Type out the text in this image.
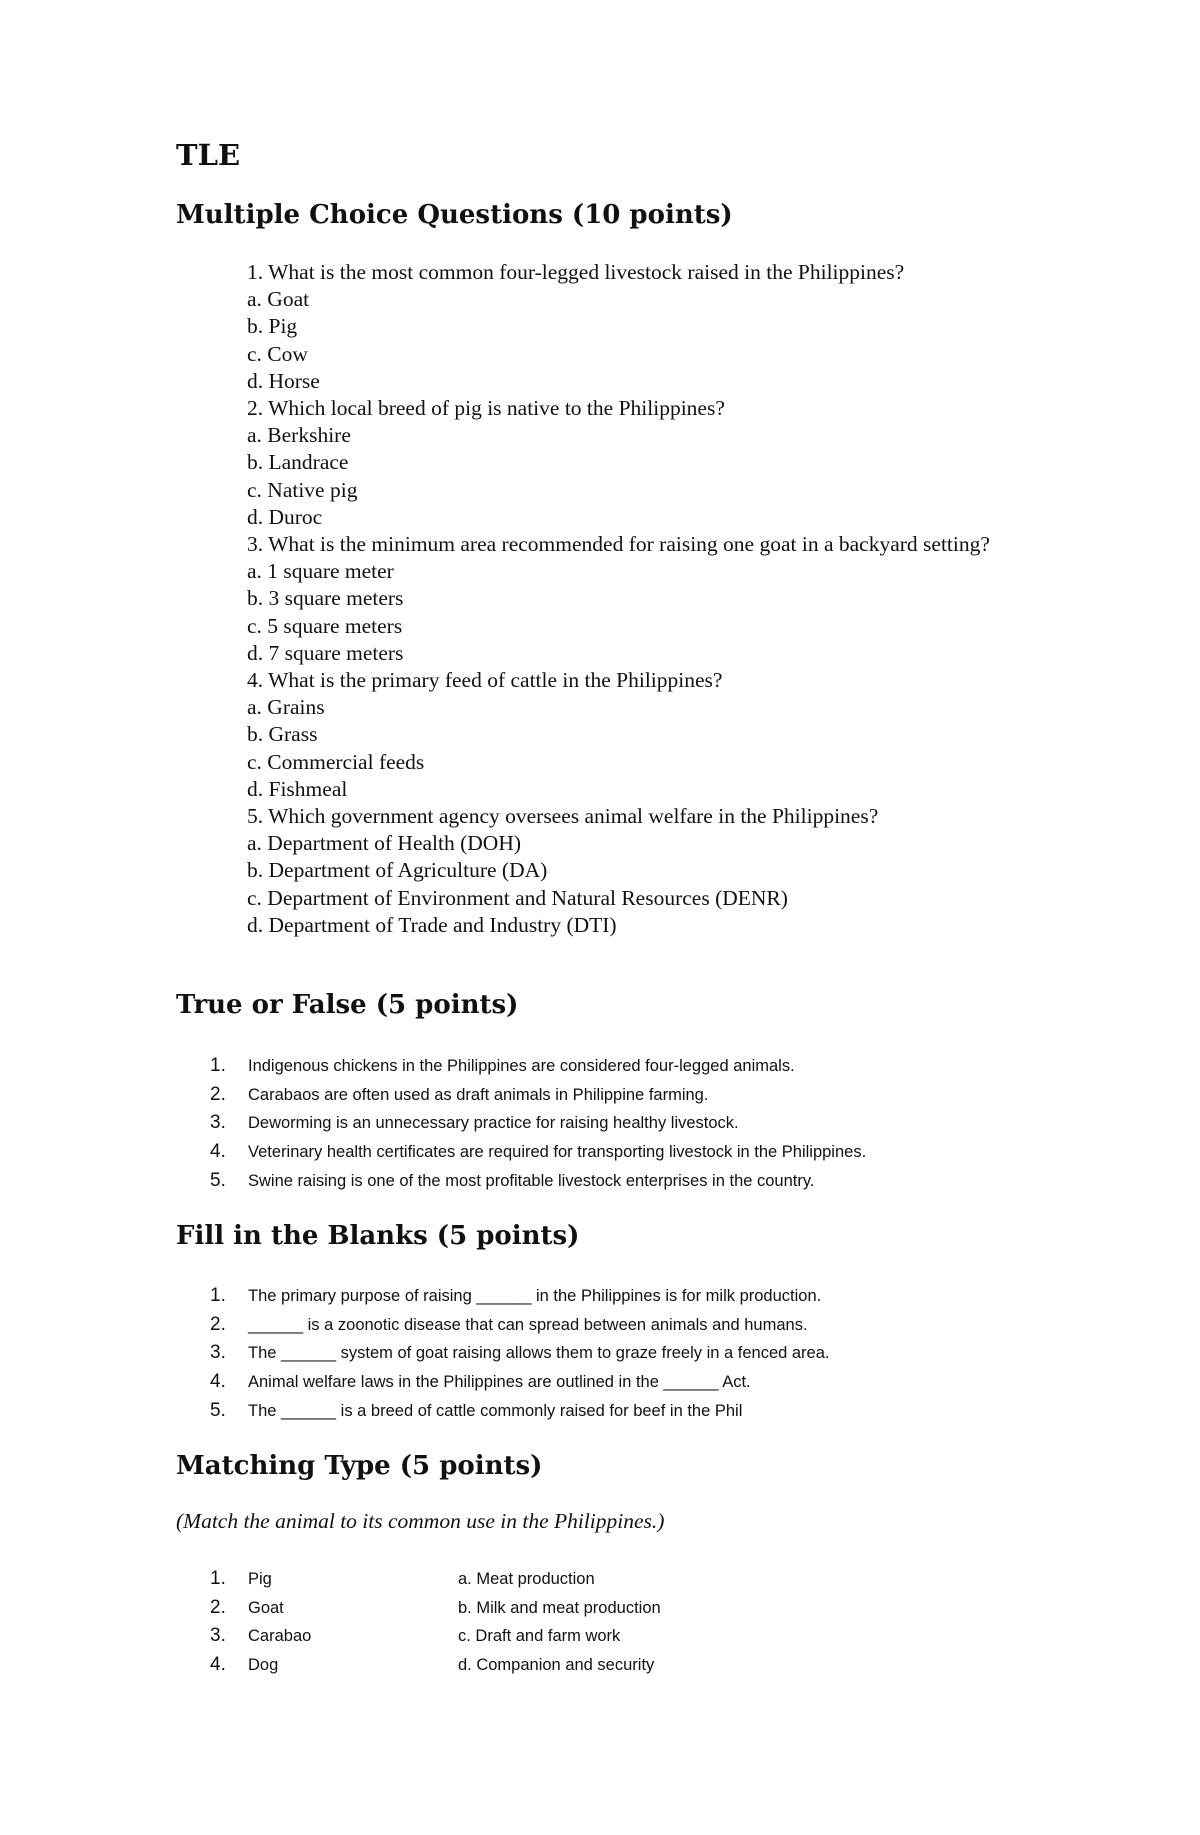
TLE
Multiple Choice Questions (10 points)
1. What is the most common four-legged livestock raised in the Philippines?
a. Goat
b. Pig
c. Cow
d. Horse
2. Which local breed of pig is native to the Philippines?
a. Berkshire
b. Landrace
c. Native pig
d. Duroc
3. What is the minimum area recommended for raising one goat in a backyard setting?
a. 1 square meter
b. 3 square meters
c. 5 square meters
d. 7 square meters
4. What is the primary feed of cattle in the Philippines?
a. Grains
b. Grass
c. Commercial feeds
d. Fishmeal
5. Which government agency oversees animal welfare in the Philippines?
a. Department of Health (DOH)
b. Department of Agriculture (DA)
c. Department of Environment and Natural Resources (DENR)
d. Department of Trade and Industry (DTI)
True or False (5 points)
1. Indigenous chickens in the Philippines are considered four-legged animals.
2. Carabaos are often used as draft animals in Philippine farming.
3. Deworming is an unnecessary practice for raising healthy livestock.
4. Veterinary health certificates are required for transporting livestock in the Philippines.
5. Swine raising is one of the most profitable livestock enterprises in the country.
Fill in the Blanks (5 points)
1. The primary purpose of raising ______ in the Philippines is for milk production.
2. ______ is a zoonotic disease that can spread between animals and humans.
3. The ______ system of goat raising allows them to graze freely in a fenced area.
4. Animal welfare laws in the Philippines are outlined in the ______ Act.
5. The ______ is a breed of cattle commonly raised for beef in the Phil
Matching Type (5 points)

(Match the animal to its common use in the Philippines.)

1. Pig	a. Meat production
2. Goat	b. Milk and meat production
3. Carabao	c. Draft and farm work
4. Dog	d. Companion and security
